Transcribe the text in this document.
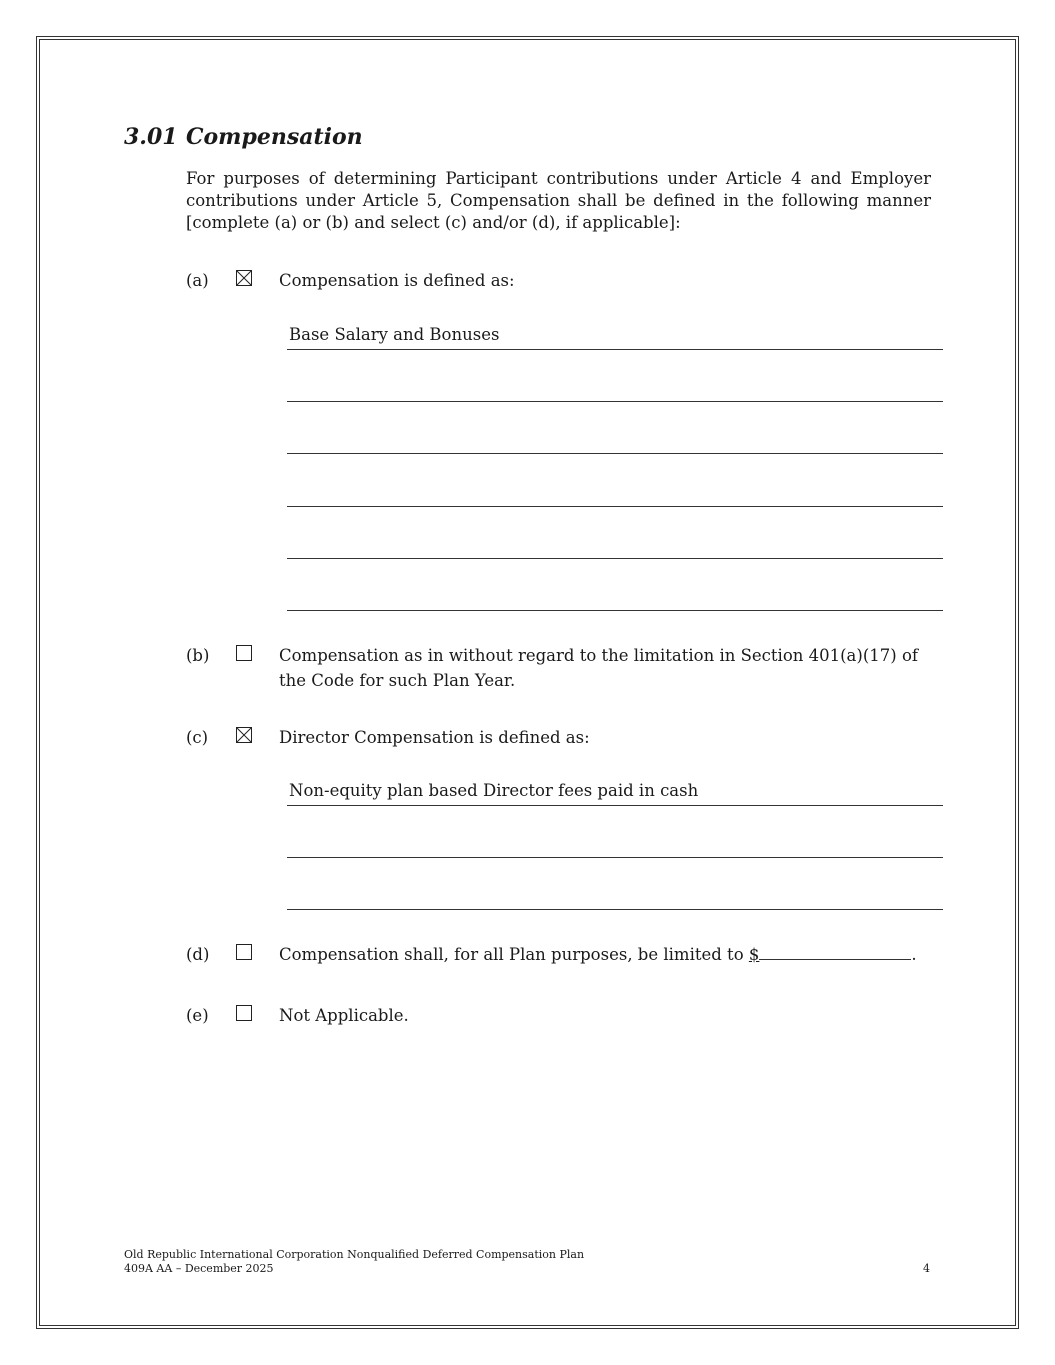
3.01 Compensation
For purposes of determining Participant contributions under Article 4 and Employer contributions under Article 5, Compensation shall be defined in the following manner [complete (a) or (b) and select (c) and/or (d), if applicable]:
(a)	Compensation is defined as:
Base Salary and Bonuses
(b)	Compensation as in without regard to the limitation in Section 401(a)(17) of the Code for such Plan Year.
(c)	Director Compensation is defined as:
Non-equity plan based Director fees paid in cash
(d)	Compensation shall, for all Plan purposes, be limited to $	.
(e)	Not Applicable.
Old Republic International Corporation Nonqualified Deferred Compensation Plan
409A AA – December 2025	4
